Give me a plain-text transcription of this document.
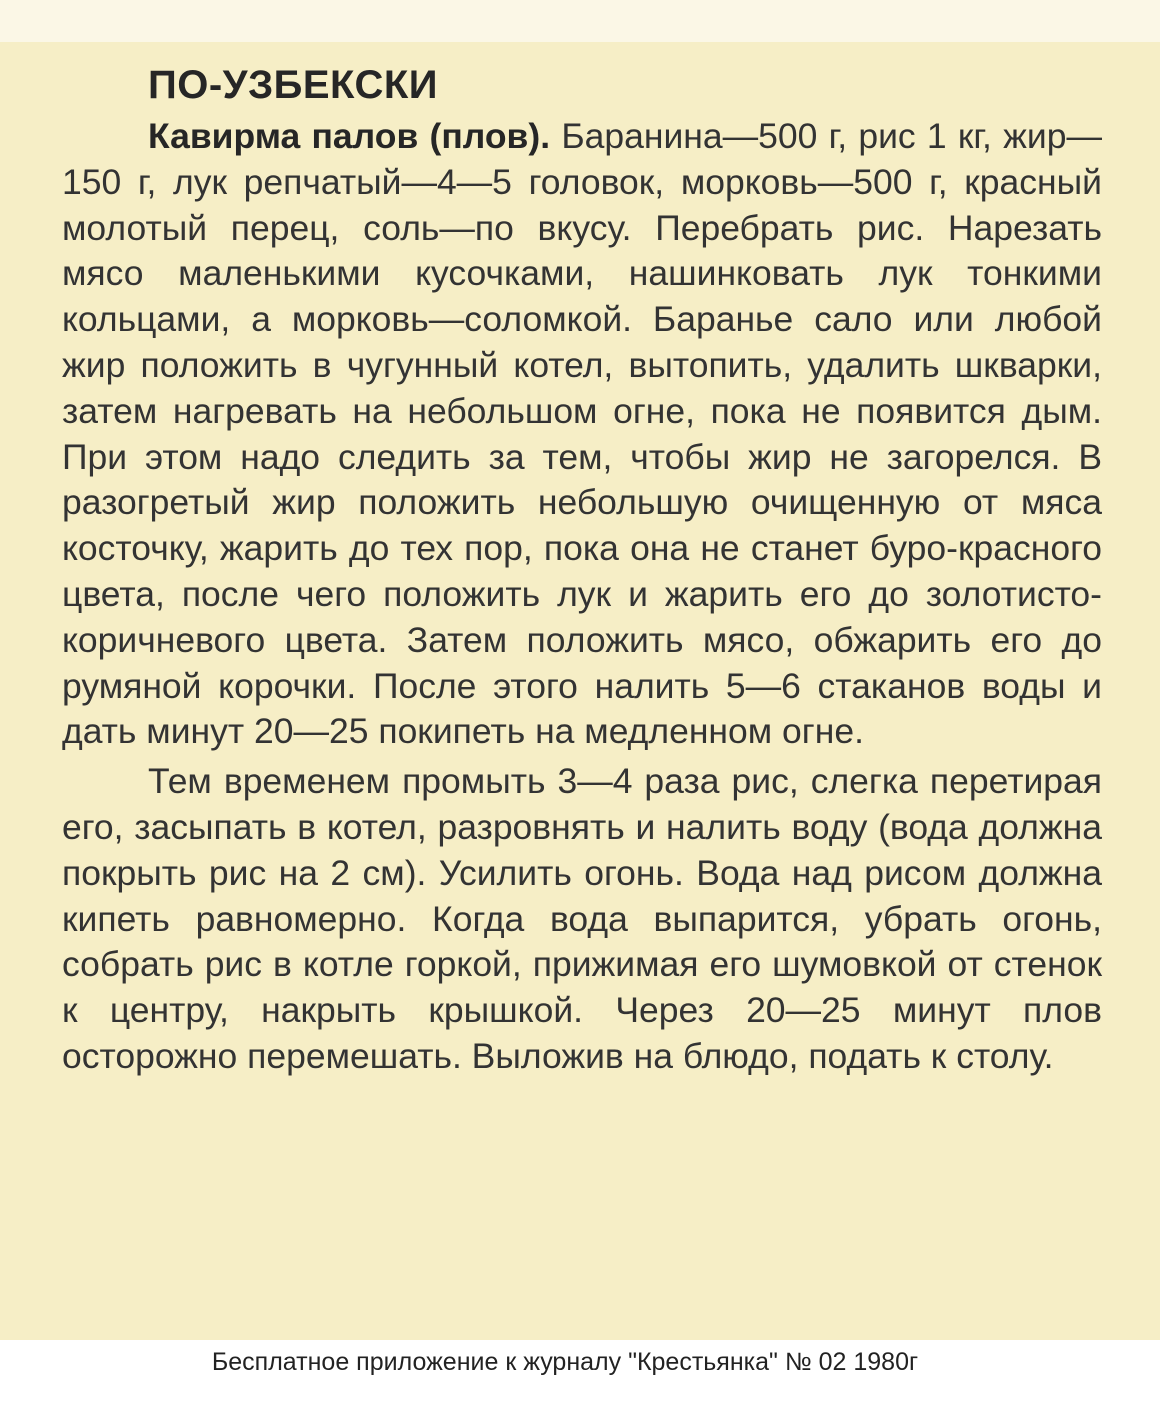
ПО-УЗБЕКСКИ

Кавирма палов (плов). Баранина—500 г, рис 1 кг, жир—150 г, лук репчатый—4—5 головок, морковь—500 г, красный молотый перец, соль—по вкусу. Перебрать рис. Нарезать мясо маленькими кусочками, нашинковать лук тонкими кольцами, а морковь—соломкой. Баранье сало или любой жир положить в чугунный котел, вытопить, удалить шкварки, затем нагревать на небольшом огне, пока не появится дым. При этом надо следить за тем, чтобы жир не загорелся. В разогретый жир положить небольшую очищенную от мяса косточку, жарить до тех пор, пока она не станет буро-красного цвета, после чего положить лук и жарить его до золотисто-коричневого цвета. Затем положить мясо, обжарить его до румяной корочки. После этого налить 5—6 стаканов воды и дать минут 20—25 покипеть на медленном огне.

Тем временем промыть 3—4 раза рис, слегка перетирая его, засыпать в котел, разровнять и налить воду (вода должна покрыть рис на 2 см). Усилить огонь. Вода над рисом должна кипеть равномерно. Когда вода выпарится, убрать огонь, собрать рис в котле горкой, прижимая его шумовкой от стенок к центру, накрыть крышкой. Через 20—25 минут плов осторожно перемешать. Выложив на блюдо, подать к столу.

Бесплатное приложение к журналу "Крестьянка" № 02 1980г
